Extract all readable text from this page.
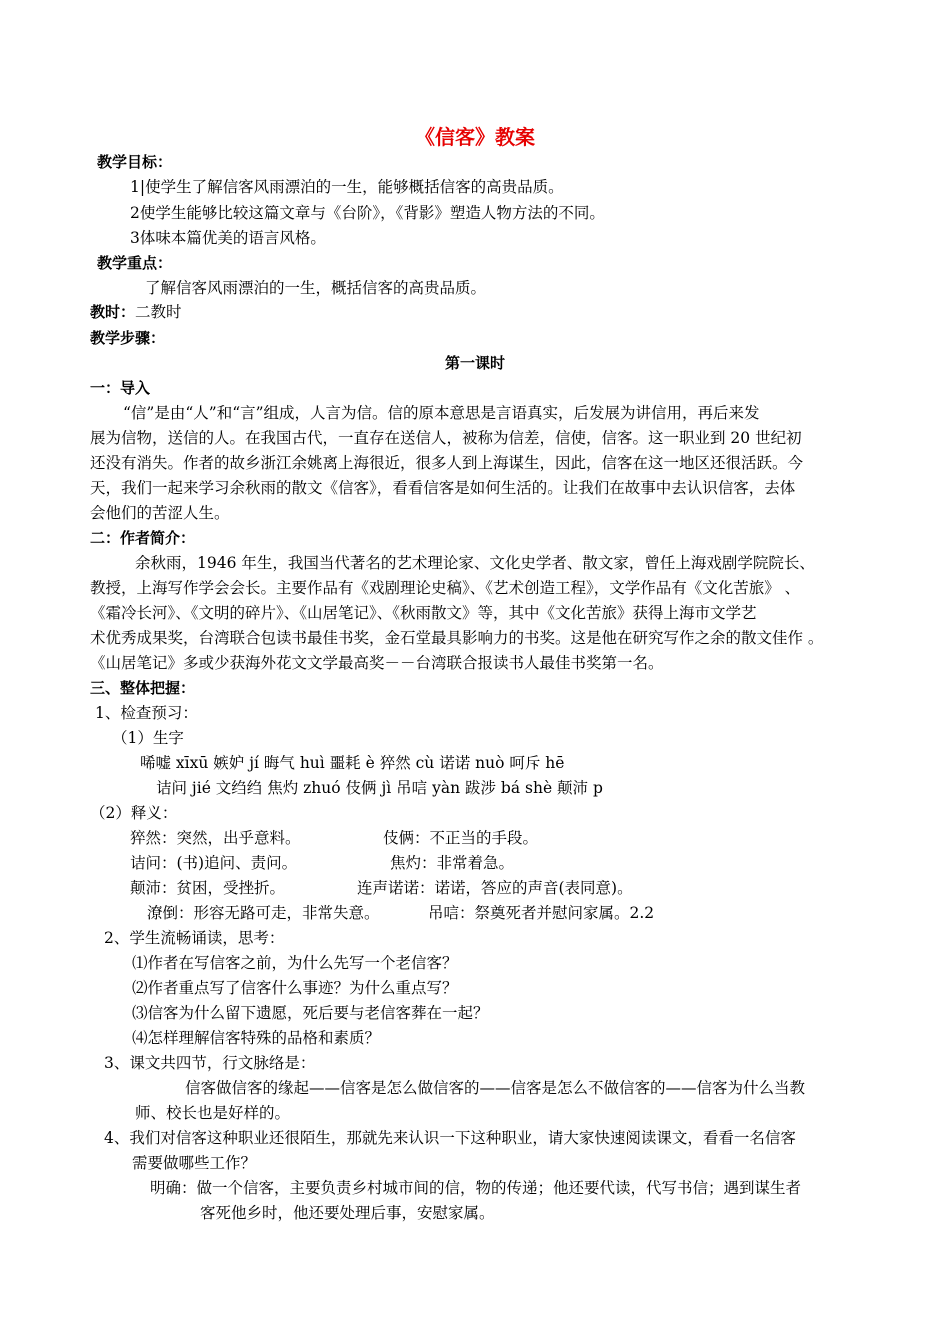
《信客》教案
教学目标：
1|使学生了解信客风雨漂泊的一生，能够概括信客的高贵品质。
2使学生能够比较这篇文章与《台阶》，《背影》塑造人物方法的不同。
3体味本篇优美的语言风格。
教学重点：
了解信客风雨漂泊的一生，概括信客的高贵品质。
教时：二教时
教学步骤：
第一课时
一：导入
“信”是由“人”和“言”组成，人言为信。信的原本意思是言语真实，后发展为讲信用，再后来发
展为信物，送信的人。在我国古代，一直存在送信人，被称为信差，信使，信客。这一职业到 20 世纪初
还没有消失。作者的故乡浙江余姚离上海很近，很多人到上海谋生，因此，信客在这一地区还很活跃。今
天，我们一起来学习余秋雨的散文《信客》，看看信客是如何生活的。让我们在故事中去认识信客，去体
会他们的苦涩人生。
二：作者简介：
余秋雨，1946 年生，我国当代著名的艺术理论家、文化史学者、散文家，曾任上海戏剧学院院长、
教授，上海写作学会会长。主要作品有《戏剧理论史稿》、《艺术创造工程》，文学作品有《文化苦旅》 、
《霜冷长河》、《文明的碎片》、《山居笔记》、《秋雨散文》等，其中《文化苦旅》获得上海市文学艺
术优秀成果奖，台湾联合包读书最佳书奖，金石堂最具影响力的书奖。这是他在研究写作之余的散文佳作 。
《山居笔记》多或少获海外花文文学最高奖－－台湾联合报读书人最佳书奖第一名。
三、整体把握：
1、检查预习：
（1）生字
唏嘘 xīxū 嫉妒 jí 晦气 huì 噩耗 è 猝然 cù 诺诺 nuò 呵斥 hē
诘问 jié 文绉绉 焦灼 zhuó 伎俩 jì 吊唁 yàn 跋涉 bá shè 颠沛 p
（2）释义：
猝然：突然，出乎意料。	伎俩：不正当的手段。
诘问：(书)追问、责问。	焦灼：非常着急。
颠沛：贫困，受挫折。	连声诺诺：诺诺，答应的声音(表同意)。
潦倒：形容无路可走，非常失意。	吊唁：祭奠死者并慰问家属。2.2
2、学生流畅诵读，思考：
⑴作者在写信客之前，为什么先写一个老信客？
⑵作者重点写了信客什么事迹？为什么重点写？
⑶信客为什么留下遗愿，死后要与老信客葬在一起？
⑷怎样理解信客特殊的品格和素质？
3、课文共四节，行文脉络是：
信客做信客的缘起——信客是怎么做信客的——信客是怎么不做信客的——信客为什么当教
师、校长也是好样的。
4、我们对信客这种职业还很陌生，那就先来认识一下这种职业，请大家快速阅读课文，看看一名信客
需要做哪些工作？
明确：做一个信客，主要负责乡村城市间的信，物的传递；他还要代读，代写书信；遇到谋生者
客死他乡时，他还要处理后事，安慰家属。
